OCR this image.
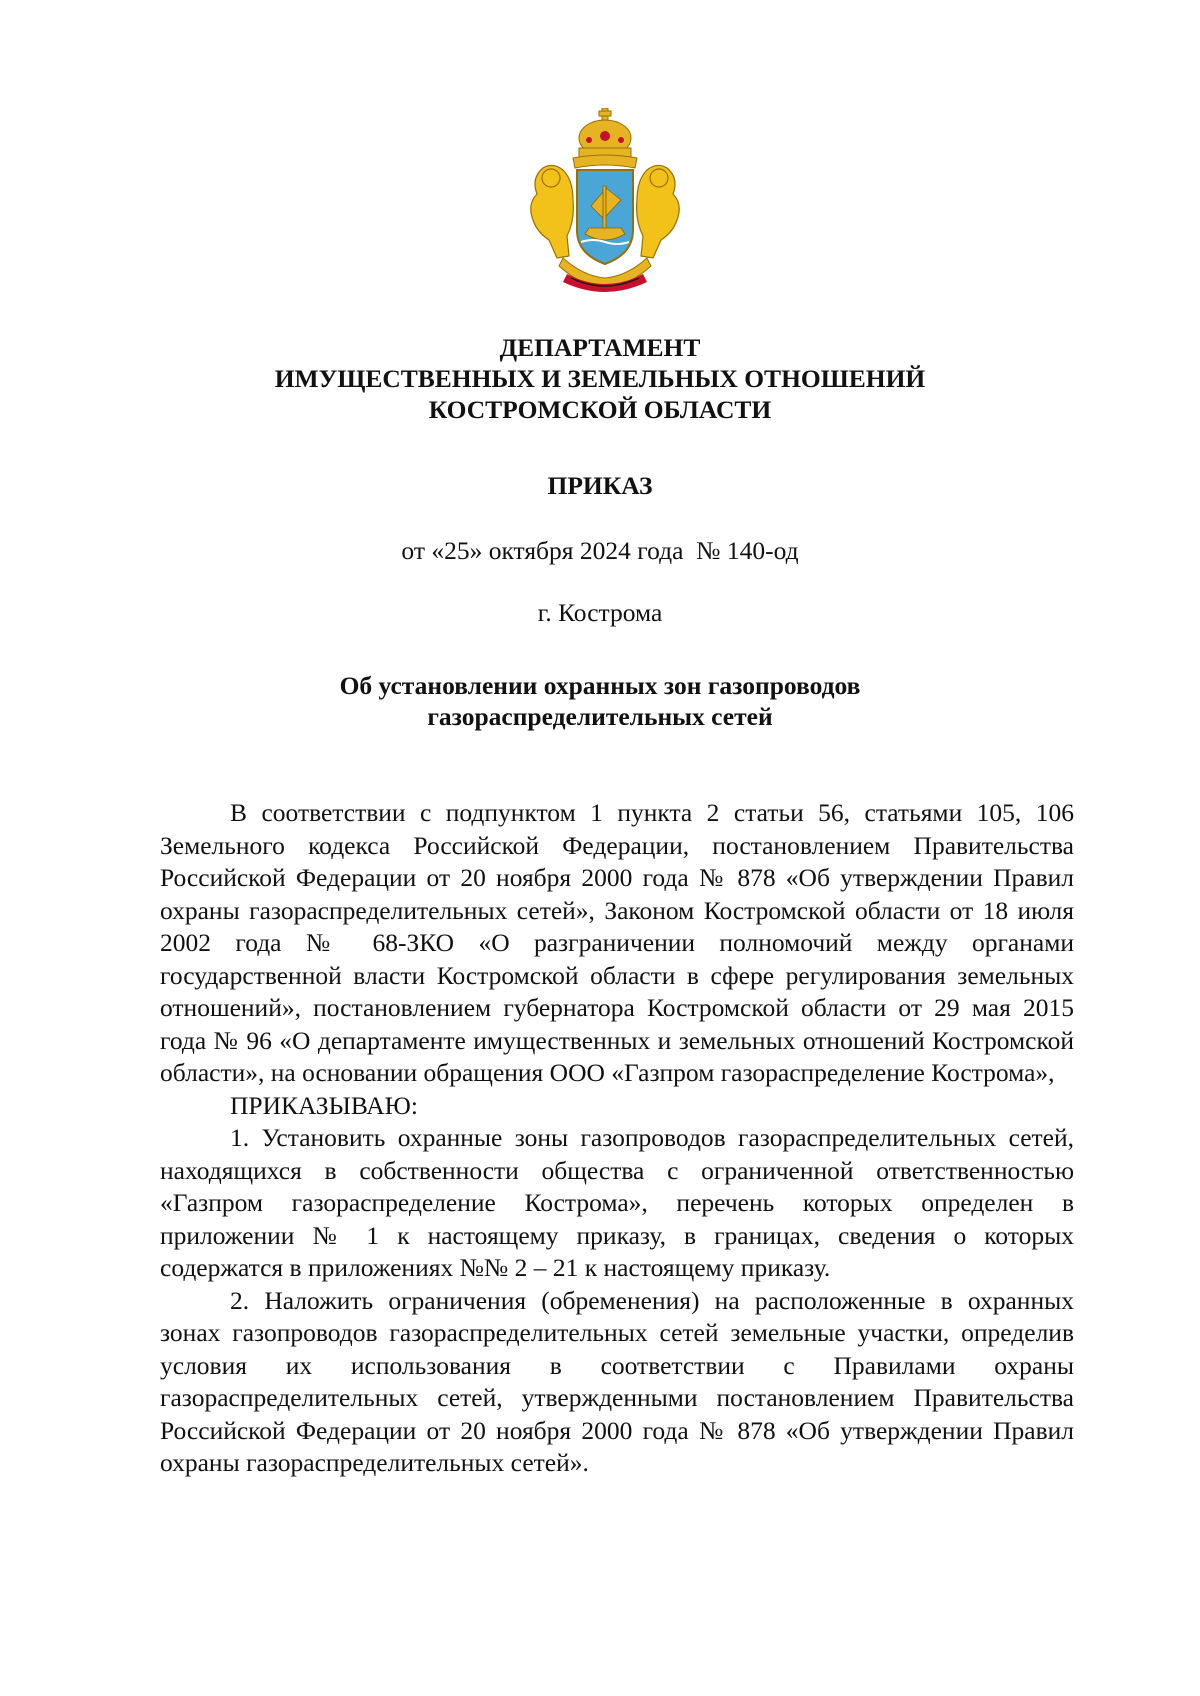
ДЕПАРТАМЕНТ
ИМУЩЕСТВЕННЫХ И ЗЕМЕЛЬНЫХ ОТНОШЕНИЙ
КОСТРОМСКОЙ ОБЛАСТИ
ПРИКАЗ
от «25» октября 2024 года  № 140-од
г. Кострома
Об установлении охранных зон газопроводов
газораспределительных сетей

В соответствии с подпунктом 1 пункта 2 статьи 56, статьями 105, 106 Земельного кодекса Российской Федерации, постановлением Правительства Российской Федерации от 20 ноября 2000 года № 878 «Об утверждении Правил охраны газораспределительных сетей», Законом Костромской области от 18 июля 2002 года № 68-ЗКО «О разграничении полномочий между органами государственной власти Костромской области в сфере регулирования земельных отношений», постановлением губернатора Костромской области от 29 мая 2015 года № 96 «О департаменте имущественных и земельных отношений Костромской области», на основании обращения ООО «Газпром газораспределение Кострома»,

ПРИКАЗЫВАЮ:

1. Установить охранные зоны газопроводов газораспределительных сетей, находящихся в собственности общества с ограниченной ответственностью «Газпром газораспределение Кострома», перечень которых определен в приложении № 1 к настоящему приказу, в границах, сведения о которых содержатся в приложениях №№ 2 – 21 к настоящему приказу.

2. Наложить ограничения (обременения) на расположенные в охранных зонах газопроводов газораспределительных сетей земельные участки, определив условия их использования в соответствии с Правилами охраны газораспределительных сетей, утвержденными постановлением Правительства Российской Федерации от 20 ноября 2000 года № 878 «Об утверждении Правил охраны газораспределительных сетей».
